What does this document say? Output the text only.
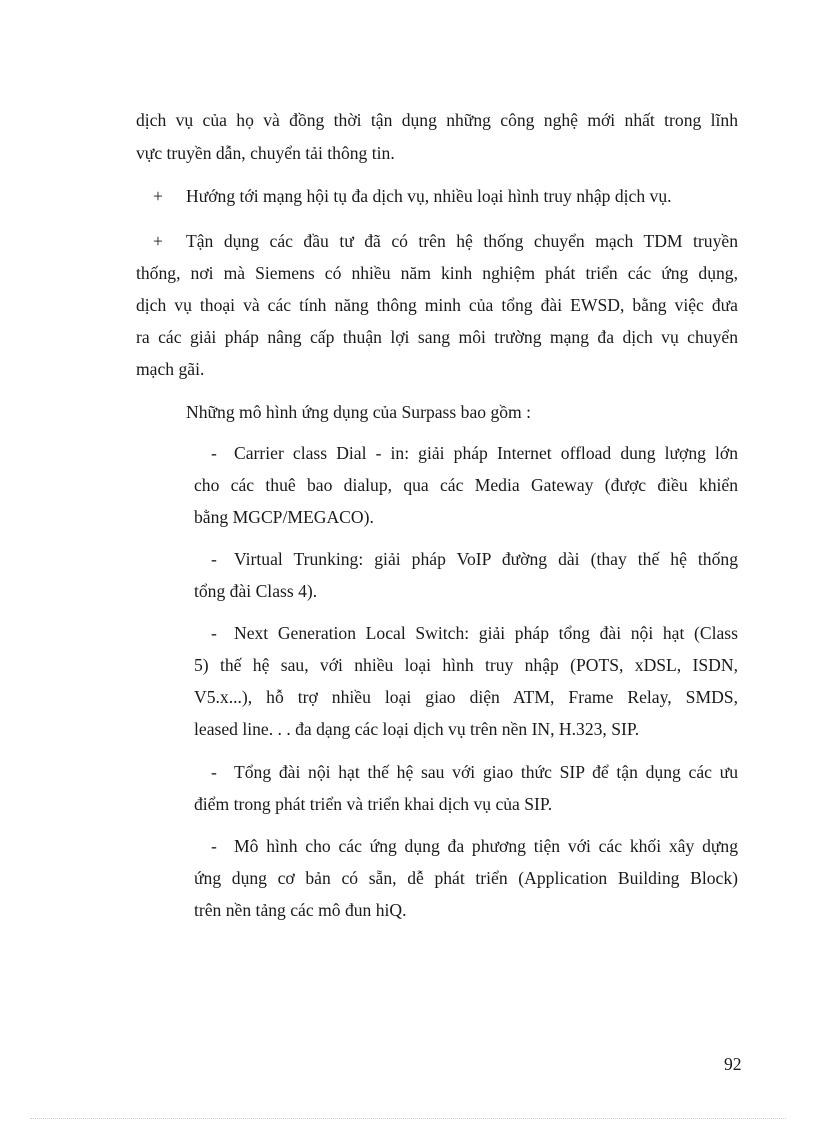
dịch vụ của họ và đồng thời tận dụng những công nghệ mới nhất trong lĩnh
vực truyền dẫn, chuyển tải thông tin.
+ Hướng tới mạng hội tụ đa dịch vụ, nhiều loại hình truy nhập dịch vụ.
+ Tận dụng các đầu tư đã có trên hệ thống chuyển mạch TDM truyền
thống, nơi mà Siemens có nhiều năm kinh nghiệm phát triển các ứng dụng,
dịch vụ thoại và các tính năng thông minh của tổng đài EWSD, bằng việc đưa
ra các giải pháp nâng cấp thuận lợi sang môi trường mạng đa dịch vụ chuyển
mạch gãi.
Những mô hình ứng dụng của Surpass bao gồm :
- Carrier class Dial - in: giải pháp Internet offload dung lượng lớn
cho các thuê bao dialup, qua các Media Gateway (được điều khiển
bằng MGCP/MEGACO).
- Virtual Trunking: giải pháp VoIP đường dài (thay thế hệ thống
tổng đài Class 4).
- Next Generation Local Switch: giải pháp tổng đài nội hạt (Class
5) thế hệ sau, với nhiều loại hình truy nhập (POTS, xDSL, ISDN,
V5.x...), hỗ trợ nhiều loại giao diện ATM, Frame Relay, SMDS,
leased line. . . đa dạng các loại dịch vụ trên nền IN, H.323, SIP.
- Tổng đài nội hạt thế hệ sau với giao thức SIP để tận dụng các ưu
điểm trong phát triển và triển khai dịch vụ của SIP.
- Mô hình cho các ứng dụng đa phương tiện với các khối xây dựng
ứng dụng cơ bản có sẵn, dễ phát triển (Application Building Block)
trên nền tảng các mô đun hiQ.
92
